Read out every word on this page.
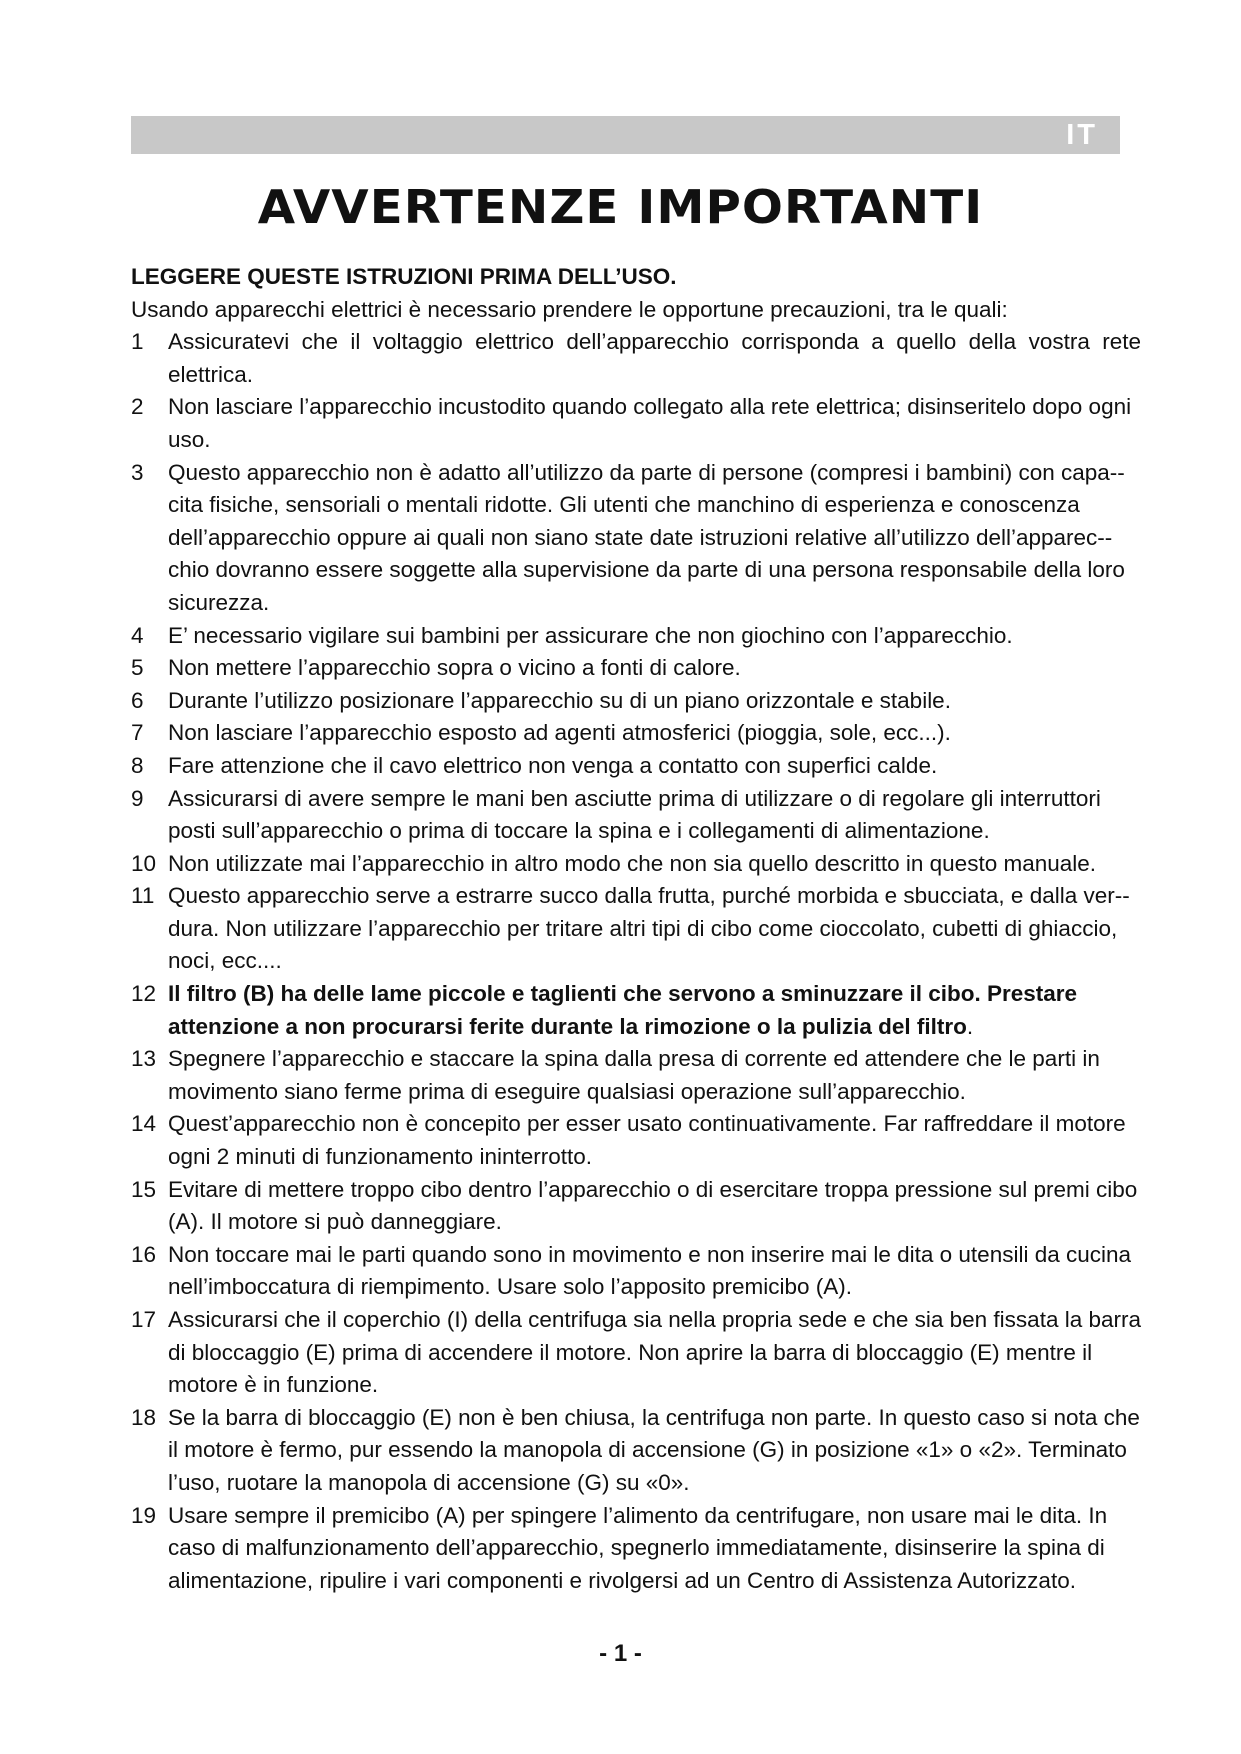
IT
AVVERTENZE IMPORTANTI

LEGGERE QUESTE ISTRUZIONI PRIMA DELL’USO.

Usando apparecchi elettrici è necessario prendere le opportune precauzioni, tra le quali:

1 Assicuratevi che il voltaggio elettrico dell’apparecchio corrisponda a quello della vostra rete elettrica.
2 Non lasciare l’apparecchio incustodito quando collegato alla rete elettrica; disinseritelo dopo ogni uso.
3 Questo apparecchio non è adatto all’utilizzo da parte di persone (compresi i bambini) con capa-- cita fisiche, sensoriali o mentali ridotte. Gli utenti che manchino di esperienza e conoscenza dell’apparecchio oppure ai quali non siano state date istruzioni relative all’utilizzo dell’apparec-- chio dovranno essere soggette alla supervisione da parte di una persona responsabile della loro sicurezza.
4 E’ necessario vigilare sui bambini per assicurare che non giochino con l’apparecchio.
5 Non mettere l’apparecchio sopra o vicino a fonti di calore.
6 Durante l’utilizzo posizionare l’apparecchio su di un piano orizzontale e stabile.
7 Non lasciare l’apparecchio esposto ad agenti atmosferici (pioggia, sole, ecc...).
8 Fare attenzione che il cavo elettrico non venga a contatto con superfici calde.
9 Assicurarsi di avere sempre le mani ben asciutte prima di utilizzare o di regolare gli interruttori posti sull’apparecchio o prima di toccare la spina e i collegamenti di alimentazione.
10 Non utilizzate mai l’apparecchio in altro modo che non sia quello descritto in questo manuale.
11 Questo apparecchio serve a estrarre succo dalla frutta, purché morbida e sbucciata, e dalla ver-- dura. Non utilizzare l’apparecchio per tritare altri tipi di cibo come cioccolato, cubetti di ghiaccio, noci, ecc....
12 Il filtro (B) ha delle lame piccole e taglienti che servono a sminuzzare il cibo. Prestare attenzione a non procurarsi ferite durante la rimozione o la pulizia del filtro.
13 Spegnere l’apparecchio e staccare la spina dalla presa di corrente ed attendere che le parti in movimento siano ferme prima di eseguire qualsiasi operazione sull’apparecchio.
14 Quest’apparecchio non è concepito per esser usato continuativamente. Far raffreddare il motore ogni 2 minuti di funzionamento ininterrotto.
15 Evitare di mettere troppo cibo dentro l’apparecchio o di esercitare troppa pressione sul premi cibo (A). Il motore si può danneggiare.
16 Non toccare mai le parti quando sono in movimento e non inserire mai le dita o utensili da cucina nell’imboccatura di riempimento. Usare solo l’apposito premicibo (A).
17 Assicurarsi che il coperchio (I) della centrifuga sia nella propria sede e che sia ben fissata la barra di bloccaggio (E) prima di accendere il motore. Non aprire la barra di bloccaggio (E) mentre il motore è in funzione.
18 Se la barra di bloccaggio (E) non è ben chiusa, la centrifuga non parte. In questo caso si nota che il motore è fermo, pur essendo la manopola di accensione (G) in posizione «1» o «2». Terminato l’uso, ruotare la manopola di accensione (G) su «0».
19 Usare sempre il premicibo (A) per spingere l’alimento da centrifugare, non usare mai le dita. In caso di malfunzionamento dell’apparecchio, spegnerlo immediatamente, disinserire la spina di alimentazione, ripulire i vari componenti e rivolgersi ad un Centro di Assistenza Autorizzato.
- 1 -
